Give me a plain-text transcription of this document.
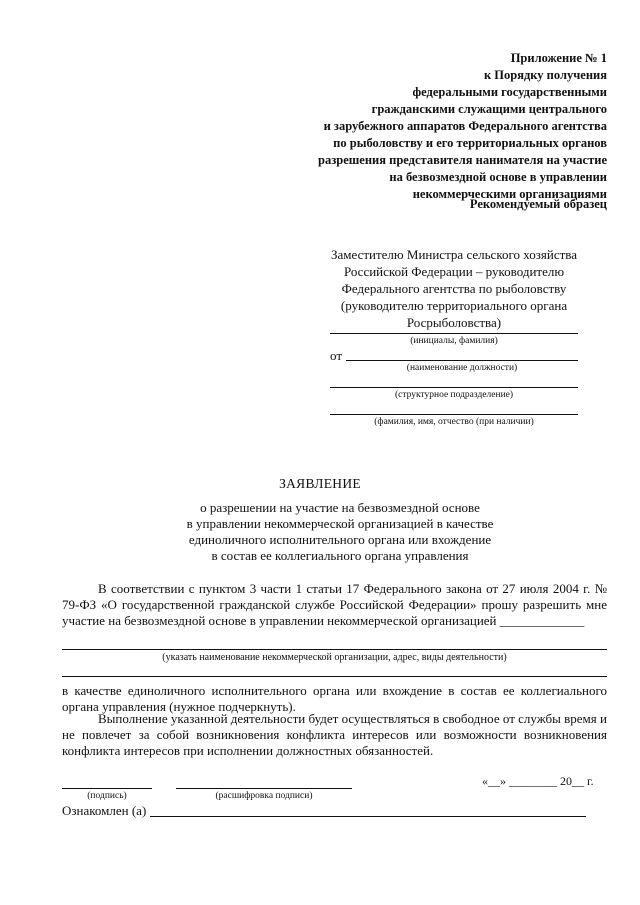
Приложение № 1
к Порядку получения
федеральными государственными
гражданскими служащими центрального
и зарубежного аппаратов Федерального агентства
по рыболовству и его территориальных органов
разрешения представителя нанимателя на участие
на безвозмездной основе в управлении
некоммерческими организациями
Рекомендуемый образец
Заместителю Министра сельского хозяйства
Российской Федерации – руководителю
Федерального агентства по рыболовству
(руководителю территориального органа
Росрыболовства)
(инициалы, фамилия)
от
(наименование должности)
(структурное подразделение)
(фамилия, имя, отчество (при наличии)
ЗАЯВЛЕНИЕ
о разрешении на участие на безвозмездной основе
в управлении некоммерческой организацией в качестве
единоличного исполнительного органа или вхождение
в состав ее коллегиального органа управления
В соответствии с пунктом 3 части 1 статьи 17 Федерального закона от 27 июля 2004 г. № 79-ФЗ «О государственной гражданской службе Российской Федерации» прошу разрешить мне участие на безвозмездной основе в управлении некоммерческой организацией _____________
(указать наименование некоммерческой организации, адрес, виды деятельности)
в качестве единоличного исполнительного органа или вхождение в состав ее коллегиального органа управления (нужное подчеркнуть).
Выполнение указанной деятельности будет осуществляться в свободное от службы время и не повлечет за собой возникновения конфликта интересов или возможности возникновения конфликта интересов при исполнении должностных обязанностей.
(подпись)	(расшифровка подписи)
«__» ________ 20__ г.
Ознакомлен (а)
